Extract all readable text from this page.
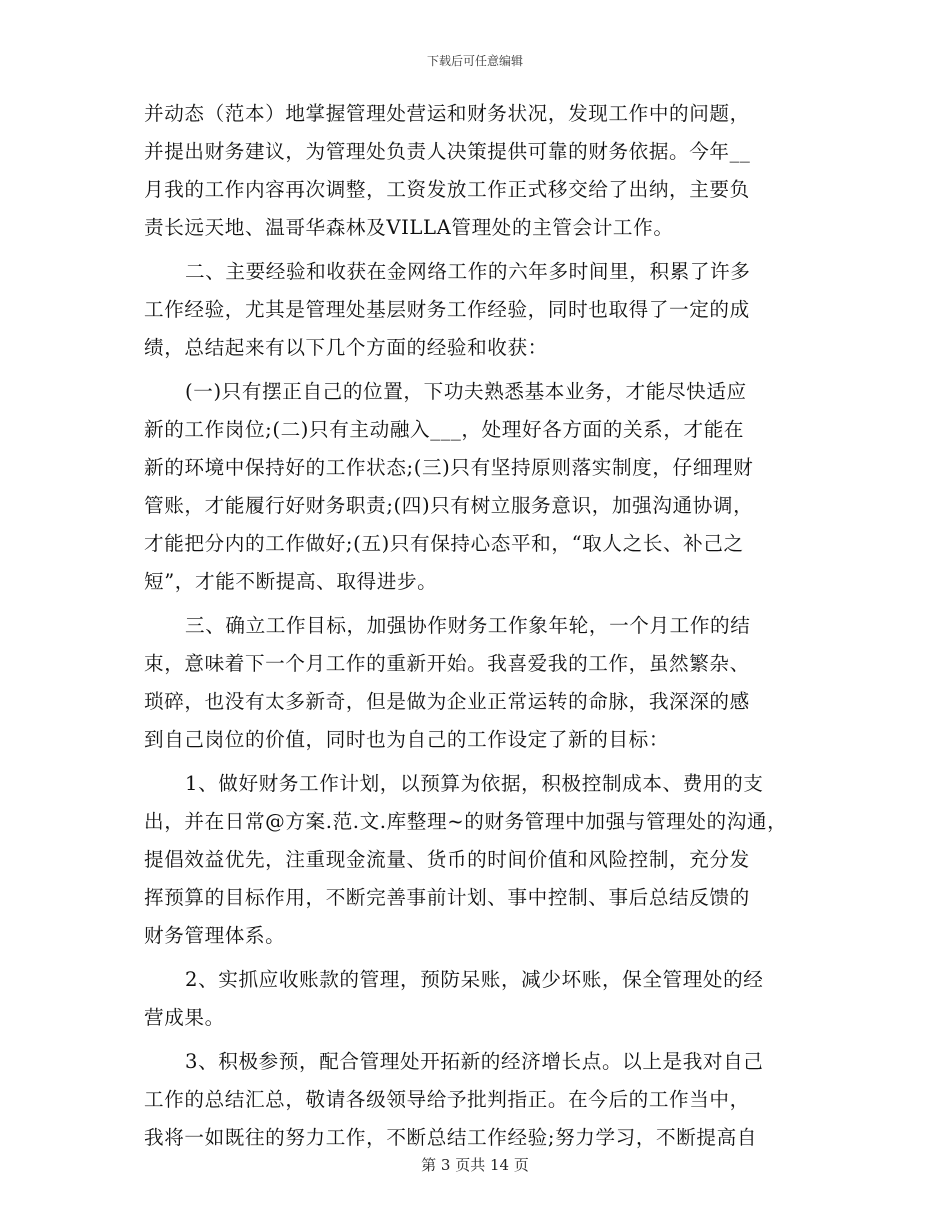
下载后可任意编辑
并动态（范本）地掌握管理处营运和财务状况，发现工作中的问题，
并提出财务建议，为管理处负责人决策提供可靠的财务依据。今年__
月我的工作内容再次调整，工资发放工作正式移交给了出纳，主要负
责长远天地、温哥华森林及VILLA管理处的主管会计工作。
二、主要经验和收获在金网络工作的六年多时间里，积累了许多
工作经验，尤其是管理处基层财务工作经验，同时也取得了一定的成
绩，总结起来有以下几个方面的经验和收获：
(一)只有摆正自己的位置，下功夫熟悉基本业务，才能尽快适应
新的工作岗位;(二)只有主动融入___，处理好各方面的关系，才能在
新的环境中保持好的工作状态;(三)只有坚持原则落实制度，仔细理财
管账，才能履行好财务职责;(四)只有树立服务意识，加强沟通协调，
才能把分内的工作做好;(五)只有保持心态平和，“取人之长、补己之
短”，才能不断提高、取得进步。
三、确立工作目标，加强协作财务工作象年轮，一个月工作的结
束，意味着下一个月工作的重新开始。我喜爱我的工作，虽然繁杂、
琐碎，也没有太多新奇，但是做为企业正常运转的命脉，我深深的感
到自己岗位的价值，同时也为自己的工作设定了新的目标：
1、做好财务工作计划，以预算为依据，积极控制成本、费用的支
出，并在日常@方案.范.文.库整理~的财务管理中加强与管理处的沟通，
提倡效益优先，注重现金流量、货币的时间价值和风险控制，充分发
挥预算的目标作用，不断完善事前计划、事中控制、事后总结反馈的
财务管理体系。
2、实抓应收账款的管理，预防呆账，减少坏账，保全管理处的经
营成果。
3、积极参预，配合管理处开拓新的经济增长点。以上是我对自己
工作的总结汇总，敬请各级领导给予批判指正。在今后的工作当中，
我将一如既往的努力工作，不断总结工作经验;努力学习，不断提高自
第 3 页共 14 页
